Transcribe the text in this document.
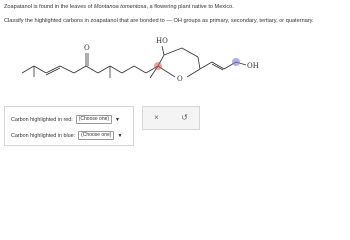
Zoapatanol is found in the leaves of Montanoa tomentosa, a flowering plant native to Mexico.
Classify the highlighted carbons in zoapatanol that are bonded to — OH groups as primary, secondary, tertiary, or quaternary.
O
HO
O
OH
Carbon highlighted in red: (Choose one) ▼
Carbon highlighted in blue: (Choose one) ▼
×	↺
